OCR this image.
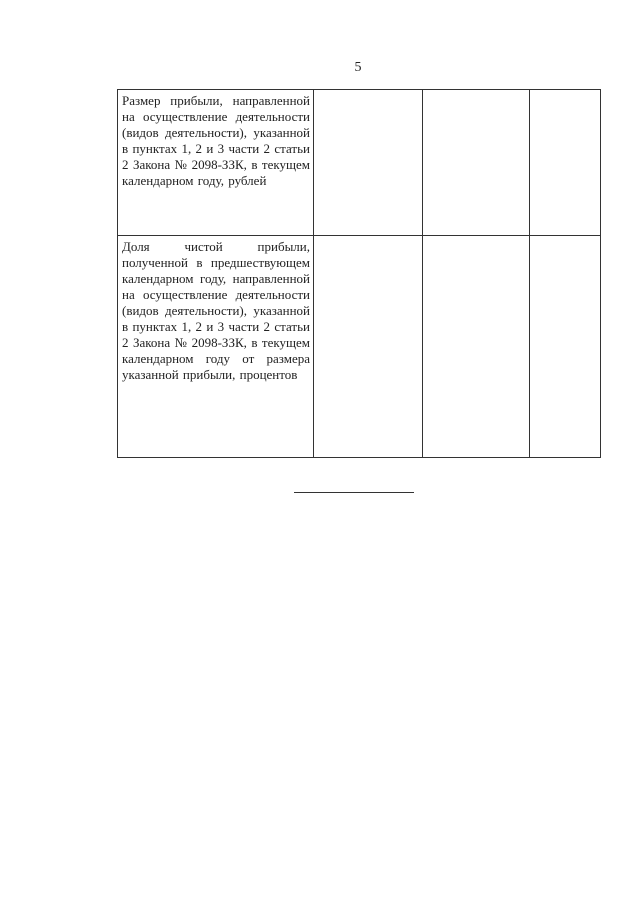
5
Размер прибыли, направленной на осуществление деятельности (видов деятельности), указанной в пунктах 1, 2 и 3 части 2 статьи 2 Закона № 2098-ЗЗК, в текущем календарном году, рублей			

Доля чистой прибыли, полученной в предшествующем календарном году, направленной на осуществление деятельности (видов деятельности), указанной в пунктах 1, 2 и 3 части 2 статьи 2 Закона № 2098-ЗЗК, в текущем календарном году от размера указанной прибыли, процентов			
